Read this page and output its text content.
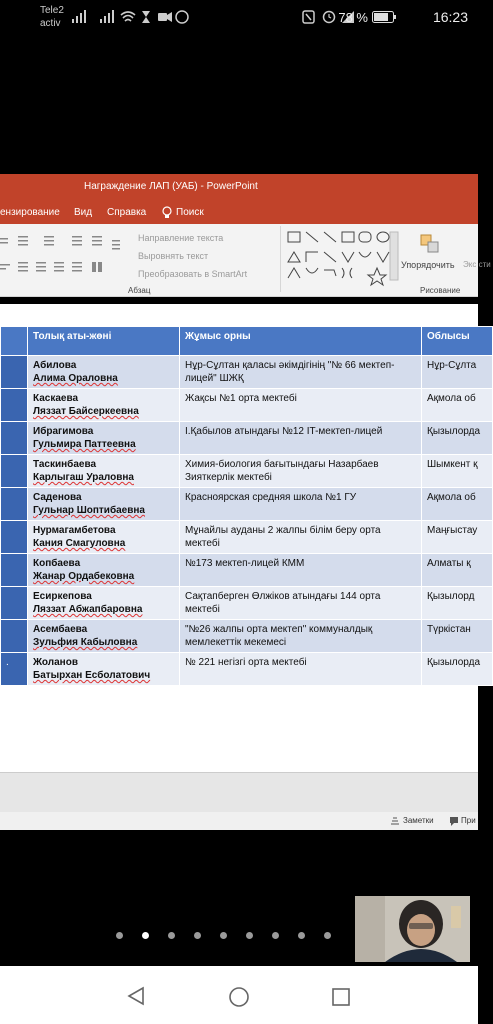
Tele2
activ	78 %	16:23
Награждение ЛАП (УАБ) - PowerPoint
ензирование Вид Справка	Поиск
Направление текста
Выровнять текст
Преобразовать в SmartArt
Абзац
Упорядочить Экс сти
Рисование
	Толық аты-жөні	Жұмыс орны	Облысы

	Абилова
Алима Ораловна	Нұр-Сұлтан қаласы әкімдігінің "№ 66 мектеп-лицей" ШЖҚ	Нұр-Сұлта

	Каскаева
Ляззат Байсеркеевна	Жақсы №1 орта мектебі	Ақмола об

	Ибрагимова
Гульмира Паттеевна	І.Қабылов атындағы №12 IT-мектеп-лицей	Қызылорда

	Таскинбаева
Карлыгаш Ураловна	Химия-биология бағытындағы Назарбаев Зияткерлік мектебі	Шымкент қ

	Саденова
Гульнар Шоптибаевна	Красноярская средняя школа №1 ГУ	Ақмола об

	Нурмагамбетова
Кания Смагуловна	Мұнайлы ауданы 2 жалпы білім беру орта мектебі	Маңғыстау

	Копбаева
Жанар Ордабековна	№173 мектеп-лицей КММ	Алматы қ

	Есиркепова
Ляззат Абжапбаровна	Сақтапберген Өлжіков атындағы 144 орта мектебі	Қызылорд

	Асембаева
Зульфия Кабыловна	"№26 жалпы орта мектеп" коммуналдық мемлекеттік мекемесі	Түркістан
.	Жоланов
Батырхан Есболатович	№ 221 негізгі орта мектебі	Қызылорда
Заметки	При
